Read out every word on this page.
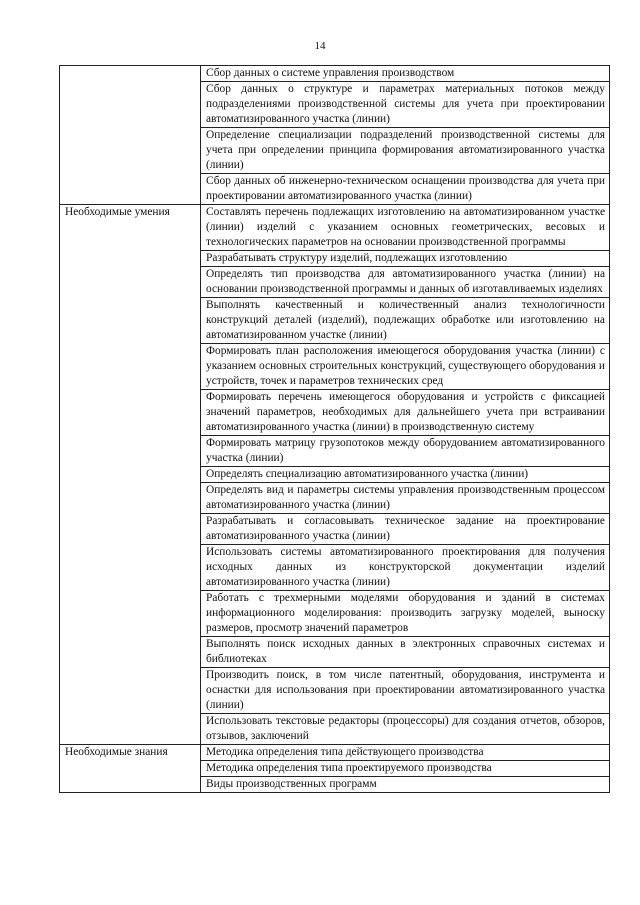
14
	Сбор данных о системе управления производством
	Сбор данных о структуре и параметрах материальных потоков между подразделениями производственной системы для учета при проектировании автоматизированного участка (линии)
	Определение специализации подразделений производственной системы для учета при определении принципа формирования автоматизированного участка (линии)
	Сбор данных об инженерно-техническом оснащении производства для учета при проектировании автоматизированного участка (линии)
Необходимые умения	Составлять перечень подлежащих изготовлению на автоматизированном участке (линии) изделий с указанием основных геометрических, весовых и технологических параметров на основании производственной программы
	Разрабатывать структуру изделий, подлежащих изготовлению
	Определять тип производства для автоматизированного участка (линии) на основании производственной программы и данных об изготавливаемых изделиях
	Выполнять качественный и количественный анализ технологичности конструкций деталей (изделий), подлежащих обработке или изготовлению на автоматизированном участке (линии)
	Формировать план расположения имеющегося оборудования участка (линии) с указанием основных строительных конструкций, существующего оборудования и устройств, точек и параметров технических сред
	Формировать перечень имеющегося оборудования и устройств с фиксацией значений параметров, необходимых для дальнейшего учета при встраивании автоматизированного участка (линии) в производственную систему
	Формировать матрицу грузопотоков между оборудованием автоматизированного участка (линии)
	Определять специализацию автоматизированного участка (линии)
	Определять вид и параметры системы управления производственным процессом автоматизированного участка (линии)
	Разрабатывать и согласовывать техническое задание на проектирование автоматизированного участка (линии)
	Использовать системы автоматизированного проектирования для получения исходных данных из конструкторской документации изделий автоматизированного участка (линии)
	Работать с трехмерными моделями оборудования и зданий в системах информационного моделирования: производить загрузку моделей, выноску размеров, просмотр значений параметров
	Выполнять поиск исходных данных в электронных справочных системах и библиотеках
	Производить поиск, в том числе патентный, оборудования, инструмента и оснастки для использования при проектировании автоматизированного участка (линии)
	Использовать текстовые редакторы (процессоры) для создания отчетов, обзоров, отзывов, заключений
Необходимые знания	Методика определения типа действующего производства
	Методика определения типа проектируемого производства
	Виды производственных программ
